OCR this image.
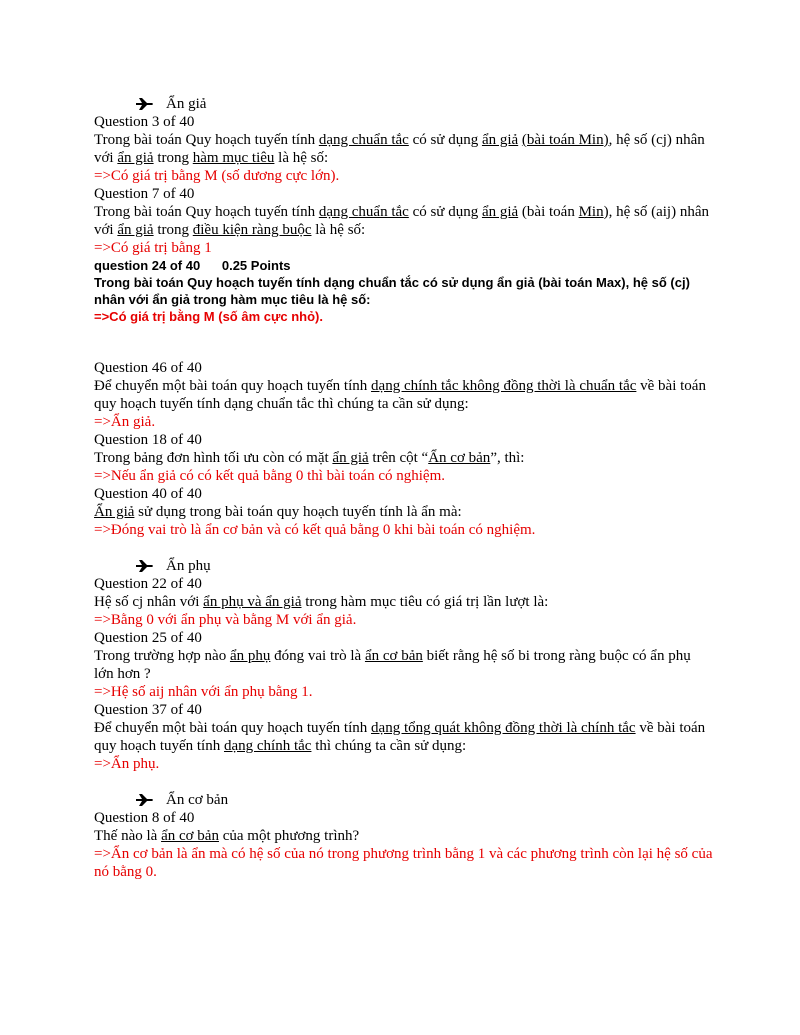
Ẩn giả

Question 3 of 40

Trong bài toán Quy hoạch tuyến tính dạng chuẩn tắc có sử dụng ẩn giả (bài toán Min), hệ số (cj) nhân với ẩn giả trong hàm mục tiêu là hệ số:

=>Có giá trị bằng M (số dương cực lớn).

Question 7 of 40

Trong bài toán Quy hoạch tuyến tính dạng chuẩn tắc có sử dụng ẩn giả (bài toán Min), hệ số (aij) nhân với ẩn giả trong điều kiện ràng buộc là hệ số:

=>Có giá trị bằng 1

question 24 of 40      0.25 Points

Trong bài toán Quy hoạch tuyến tính dạng chuẩn tắc có sử dụng ẩn giả (bài toán Max), hệ số (cj) nhân với ẩn giả trong hàm mục tiêu là hệ số:

=>Có giá trị bằng M (số âm cực nhỏ).

Question 46 of 40

Để chuyển một bài toán quy hoạch tuyến tính dạng chính tắc không đồng thời là chuẩn tắc về bài toán quy hoạch tuyến tính dạng chuẩn tắc thì chúng ta cần sử dụng:

=>Ẩn giả.

Question 18 of 40

Trong bảng đơn hình tối ưu còn có mặt ẩn giả trên cột “Ẩn cơ bản”, thì:

=>Nếu ẩn giả có có kết quả bằng 0 thì bài toán có nghiệm.

Question 40 of 40

Ẩn giả sử dụng trong bài toán quy hoạch tuyến tính là ẩn mà:

=>Đóng vai trò là ẩn cơ bản và có kết quả bằng 0 khi bài toán có nghiệm.

Ẩn phụ

Question 22 of 40

Hệ số cj nhân với ẩn phụ và ẩn giả trong hàm mục tiêu có giá trị lần lượt là:

=>Bằng 0 với ẩn phụ và bằng M với ẩn giả.

Question 25 of 40

Trong trường hợp nào ẩn phụ đóng vai trò là ẩn cơ bản biết rằng hệ số bi trong ràng buộc có ẩn phụ lớn hơn ?

=>Hệ số aij nhân với ẩn phụ bằng 1.

Question 37 of 40

Để chuyển một bài toán quy hoạch tuyến tính dạng tổng quát không đồng thời là chính tắc về bài toán quy hoạch tuyến tính dạng chính tắc thì chúng ta cần sử dụng:

=>Ẩn phụ.

Ẩn cơ bản

Question 8 of 40

Thế nào là ẩn cơ bản của một phương trình?

=>Ẩn cơ bản là ẩn mà có hệ số của nó trong phương trình bằng 1 và các phương trình còn lại hệ số của nó bằng 0.
